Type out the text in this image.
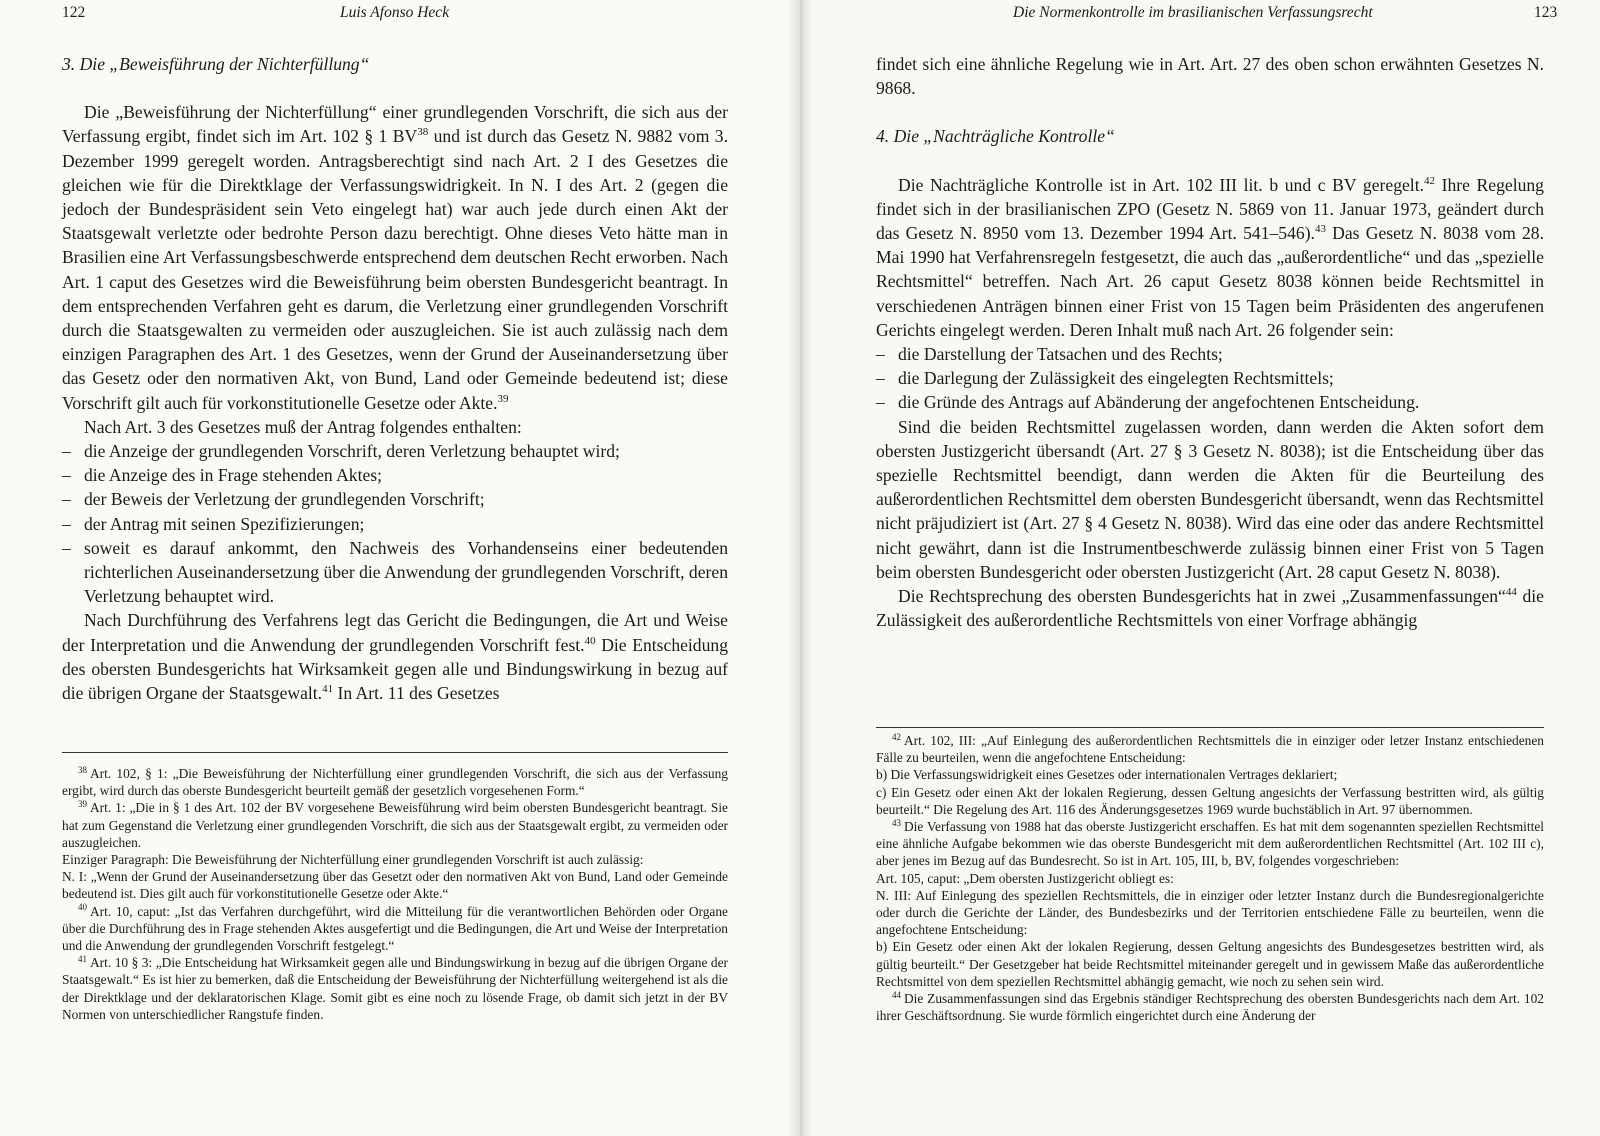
122	Luis Afonso Heck
3. Die „Beweisführung der Nichterfüllung“

Die „Beweisführung der Nichterfüllung“ einer grundlegenden Vorschrift, die sich aus der Verfassung ergibt, findet sich im Art. 102 § 1 BV$^{38}$ und ist durch das Gesetz N. 9882 vom 3. Dezember 1999 geregelt worden. Antragsberechtigt sind nach Art. 2 I des Gesetzes die gleichen wie für die Direktklage der Verfassungswidrigkeit. In N. I des Art. 2 (gegen die jedoch der Bundespräsident sein Veto eingelegt hat) war auch jede durch einen Akt der Staatsgewalt verletzte oder bedrohte Person dazu berechtigt. Ohne dieses Veto hätte man in Brasilien eine Art Verfassungsbeschwerde entsprechend dem deutschen Recht erworben. Nach Art. 1 caput des Gesetzes wird die Beweisführung beim obersten Bundesgericht beantragt. In dem entsprechenden Verfahren geht es darum, die Verletzung einer grundlegenden Vorschrift durch die Staatsgewalten zu vermeiden oder auszugleichen. Sie ist auch zulässig nach dem einzigen Paragraphen des Art. 1 des Gesetzes, wenn der Grund der Auseinandersetzung über das Gesetz oder den normativen Akt, von Bund, Land oder Gemeinde bedeutend ist; diese Vorschrift gilt auch für vorkonstitutionelle Gesetze oder Akte.$^{39}$

Nach Art. 3 des Gesetzes muß der Antrag folgendes enthalten:

– die Anzeige der grundlegenden Vorschrift, deren Verletzung behauptet wird;
– die Anzeige des in Frage stehenden Aktes;
– der Beweis der Verletzung der grundlegenden Vorschrift;
– der Antrag mit seinen Spezifizierungen;
– soweit es darauf ankommt, den Nachweis des Vorhandenseins einer bedeutenden richterlichen Auseinandersetzung über die Anwendung der grundlegenden Vorschrift, deren Verletzung behauptet wird.

Nach Durchführung des Verfahrens legt das Gericht die Bedingungen, die Art und Weise der Interpretation und die Anwendung der grundlegenden Vorschrift fest.$^{40}$ Die Entscheidung des obersten Bundesgerichts hat Wirksamkeit gegen alle und Bindungswirkung in bezug auf die übrigen Organe der Staatsgewalt.$^{41}$ In Art. 11 des Gesetzes

$^{38}$ Art. 102, § 1: „Die Beweisführung der Nichterfüllung einer grundlegenden Vorschrift, die sich aus der Verfassung ergibt, wird durch das oberste Bundesgericht beurteilt gemäß der gesetzlich vorgesehenen Form.“

$^{39}$ Art. 1: „Die in § 1 des Art. 102 der BV vorgesehene Beweisführung wird beim obersten Bundesgericht beantragt. Sie hat zum Gegenstand die Verletzung einer grundlegenden Vorschrift, die sich aus der Staatsgewalt ergibt, zu vermeiden oder auszugleichen.

Einziger Paragraph: Die Beweisführung der Nichterfüllung einer grundlegenden Vorschrift ist auch zulässig:

N. I: „Wenn der Grund der Auseinandersetzung über das Gesetzt oder den normativen Akt von Bund, Land oder Gemeinde bedeutend ist. Dies gilt auch für vorkonstitutionelle Gesetze oder Akte.“

$^{40}$ Art. 10, caput: „Ist das Verfahren durchgeführt, wird die Mitteilung für die verantwortlichen Behörden oder Organe über die Durchführung des in Frage stehenden Aktes ausgefertigt und die Bedingungen, die Art und Weise der Interpretation und die Anwendung der grundlegenden Vorschrift festgelegt.“

$^{41}$ Art. 10 § 3: „Die Entscheidung hat Wirksamkeit gegen alle und Bindungswirkung in bezug auf die übrigen Organe der Staatsgewalt.“ Es ist hier zu bemerken, daß die Entscheidung der Beweisführung der Nichterfüllung weitergehend ist als die der Direktklage und der deklaratorischen Klage. Somit gibt es eine noch zu lösende Frage, ob damit sich jetzt in der BV Normen von unterschiedlicher Rangstufe finden.

Die Normenkontrolle im brasilianischen Verfassungsrecht	123

findet sich eine ähnliche Regelung wie in Art. Art. 27 des oben schon erwähnten Gesetzes N. 9868.

4. Die „Nachträgliche Kontrolle“

Die Nachträgliche Kontrolle ist in Art. 102 III lit. b und c BV geregelt.$^{42}$ Ihre Regelung findet sich in der brasilianischen ZPO (Gesetz N. 5869 von 11. Januar 1973, geändert durch das Gesetz N. 8950 vom 13. Dezember 1994 Art. 541–546).$^{43}$ Das Gesetz N. 8038 vom 28. Mai 1990 hat Verfahrensregeln festgesetzt, die auch das „außerordentliche“ und das „spezielle Rechtsmittel“ betreffen. Nach Art. 26 caput Gesetz 8038 können beide Rechtsmittel in verschiedenen Anträgen binnen einer Frist von 15 Tagen beim Präsidenten des angerufenen Gerichts eingelegt werden. Deren Inhalt muß nach Art. 26 folgender sein:

– die Darstellung der Tatsachen und des Rechts;
– die Darlegung der Zulässigkeit des eingelegten Rechtsmittels;
– die Gründe des Antrags auf Abänderung der angefochtenen Entscheidung.

Sind die beiden Rechtsmittel zugelassen worden, dann werden die Akten sofort dem obersten Justizgericht übersandt (Art. 27 § 3 Gesetz N. 8038); ist die Entscheidung über das spezielle Rechtsmittel beendigt, dann werden die Akten für die Beurteilung des außerordentlichen Rechtsmittel dem obersten Bundesgericht übersandt, wenn das Rechtsmittel nicht präjudiziert ist (Art. 27 § 4 Gesetz N. 8038). Wird das eine oder das andere Rechtsmittel nicht gewährt, dann ist die Instrumentbeschwerde zulässig binnen einer Frist von 5 Tagen beim obersten Bundesgericht oder obersten Justizgericht (Art. 28 caput Gesetz N. 8038).

Die Rechtsprechung des obersten Bundesgerichts hat in zwei „Zusammenfassungen“$^{44}$ die Zulässigkeit des außerordentliche Rechtsmittels von einer Vorfrage abhängig

$^{42}$ Art. 102, III: „Auf Einlegung des außerordentlichen Rechtsmittels die in einziger oder letzer Instanz entschiedenen Fälle zu beurteilen, wenn die angefochtene Entscheidung:

b) Die Verfassungswidrigkeit eines Gesetzes oder internationalen Vertrages deklariert;

c) Ein Gesetz oder einen Akt der lokalen Regierung, dessen Geltung angesichts der Verfassung bestritten wird, als gültig beurteilt.“ Die Regelung des Art. 116 des Änderungsgesetzes 1969 wurde buchstäblich in Art. 97 übernommen.

$^{43}$ Die Verfassung von 1988 hat das oberste Justizgericht erschaffen. Es hat mit dem sogenannten speziellen Rechtsmittel eine ähnliche Aufgabe bekommen wie das oberste Bundesgericht mit dem außerordentlichen Rechtsmittel (Art. 102 III c), aber jenes im Bezug auf das Bundesrecht. So ist in Art. 105, III, b, BV, folgendes vorgeschrieben:

Art. 105, caput: „Dem obersten Justizgericht obliegt es:

N. III: Auf Einlegung des speziellen Rechtsmittels, die in einziger oder letzter Instanz durch die Bundesregionalgerichte oder durch die Gerichte der Länder, des Bundesbezirks und der Territorien entschiedene Fälle zu beurteilen, wenn die angefochtene Entscheidung:

b) Ein Gesetz oder einen Akt der lokalen Regierung, dessen Geltung angesichts des Bundesgesetzes bestritten wird, als gültig beurteilt.“ Der Gesetzgeber hat beide Rechtsmittel miteinander geregelt und in gewissem Maße das außerordentliche Rechtsmittel von dem speziellen Rechtsmittel abhängig gemacht, wie noch zu sehen sein wird.

$^{44}$ Die Zusammenfassungen sind das Ergebnis ständiger Rechtsprechung des obersten Bundesgerichts nach dem Art. 102 ihrer Geschäftsordnung. Sie wurde förmlich eingerichtet durch eine Änderung der
